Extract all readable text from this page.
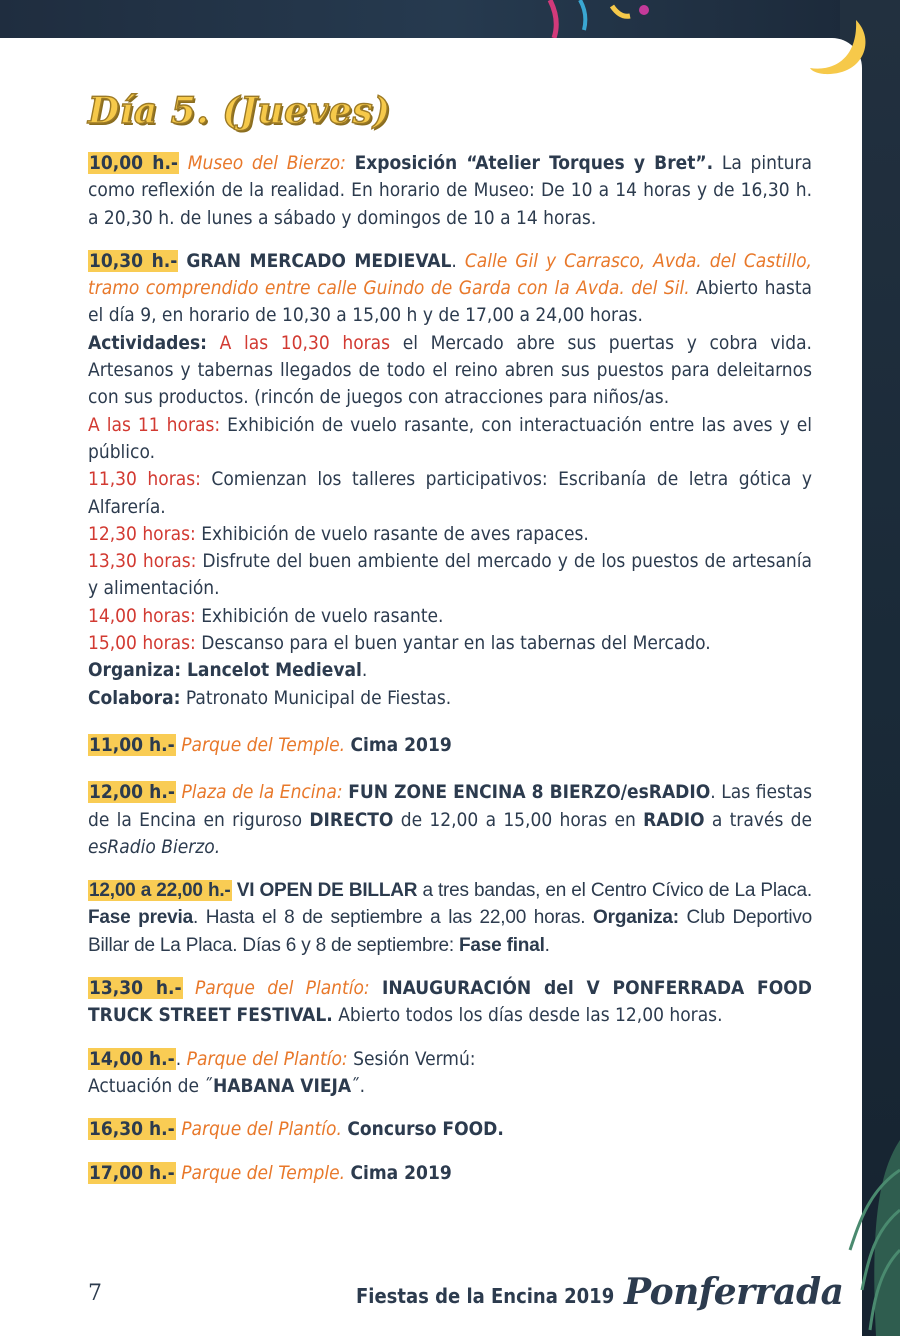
Día 5. (Jueves)

10,00 h.- Museo del Bierzo: Exposición “Atelier Torques y Bret”. La pintura como reflexión de la realidad. En horario de Museo: De 10 a 14 horas y de 16,30 h. a 20,30 h. de lunes a sábado y domingos de 10 a 14 horas.

10,30 h.- GRAN MERCADO MEDIEVAL. Calle Gil y Carrasco, Avda. del Castillo, tramo comprendido entre calle Guindo de Garda con la Avda. del Sil. Abierto hasta el día 9, en horario de 10,30 a 15,00 h y de 17,00 a 24,00 horas.

Actividades: A las 10,30 horas el Mercado abre sus puertas y cobra vida. Artesanos y tabernas llegados de todo el reino abren sus puestos para deleitarnos con sus productos. (rincón de juegos con atracciones para niños/as.

A las 11 horas: Exhibición de vuelo rasante, con interactuación entre las aves y el público.

11,30 horas: Comienzan los talleres participativos: Escribanía de letra gótica y Alfarería.

12,30 horas: Exhibición de vuelo rasante de aves rapaces.

13,30 horas: Disfrute del buen ambiente del mercado y de los puestos de artesanía y alimentación.

14,00 horas: Exhibición de vuelo rasante.

15,00 horas: Descanso para el buen yantar en las tabernas del Mercado.

Organiza: Lancelot Medieval.

Colabora: Patronato Municipal de Fiestas.

11,00 h.- Parque del Temple. Cima 2019

12,00 h.- Plaza de la Encina: FUN ZONE ENCINA 8 BIERZO/esRADIO. Las fiestas de la Encina en riguroso DIRECTO de 12,00 a 15,00 horas en RADIO a través de esRadio Bierzo.

12,00 a 22,00 h.- VI OPEN DE BILLAR a tres bandas, en el Centro Cívico de La Placa. Fase previa. Hasta el 8 de septiembre a las 22,00 horas. Organiza: Club Deportivo Billar de La Placa. Días 6 y 8 de septiembre: Fase final.

13,30 h.- Parque del Plantío: INAUGURACIÓN del V PONFERRADA FOOD TRUCK STREET FESTIVAL. Abierto todos los días desde las 12,00 horas.

14,00 h.-. Parque del Plantío: Sesión Vermú:
Actuación de ˝HABANA VIEJA˝.

16,30 h.- Parque del Plantío. Concurso FOOD.

17,00 h.- Parque del Temple. Cima 2019

7	Fiestas de la Encina 2019 Ponferrada
